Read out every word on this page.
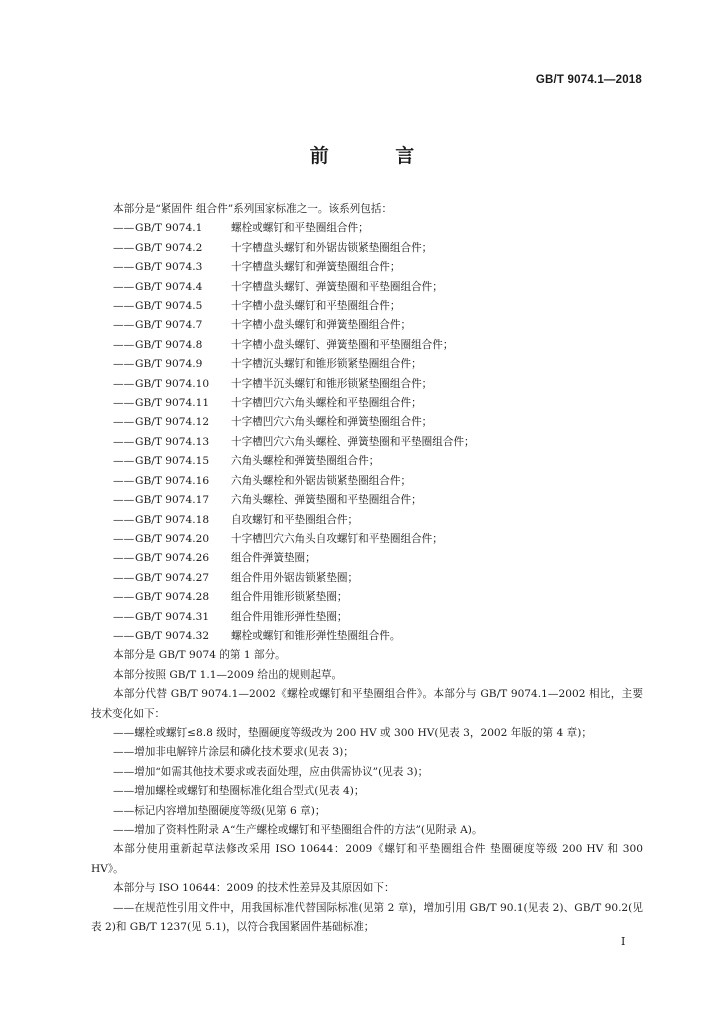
GB/T 9074.1—2018
前 言
本部分是“紧固件 组合件”系列国家标准之一。该系列包括：
——GB/T 9074.1	螺栓或螺钉和平垫圈组合件；
——GB/T 9074.2	十字槽盘头螺钉和外锯齿锁紧垫圈组合件；
——GB/T 9074.3	十字槽盘头螺钉和弹簧垫圈组合件；
——GB/T 9074.4	十字槽盘头螺钉、弹簧垫圈和平垫圈组合件；
——GB/T 9074.5	十字槽小盘头螺钉和平垫圈组合件；
——GB/T 9074.7	十字槽小盘头螺钉和弹簧垫圈组合件；
——GB/T 9074.8	十字槽小盘头螺钉、弹簧垫圈和平垫圈组合件；
——GB/T 9074.9	十字槽沉头螺钉和锥形锁紧垫圈组合件；
——GB/T 9074.10 十字槽半沉头螺钉和锥形锁紧垫圈组合件；
——GB/T 9074.11 十字槽凹穴六角头螺栓和平垫圈组合件；
——GB/T 9074.12 十字槽凹穴六角头螺栓和弹簧垫圈组合件；
——GB/T 9074.13 十字槽凹穴六角头螺栓、弹簧垫圈和平垫圈组合件；
——GB/T 9074.15 六角头螺栓和弹簧垫圈组合件；
——GB/T 9074.16 六角头螺栓和外锯齿锁紧垫圈组合件；
——GB/T 9074.17 六角头螺栓、弹簧垫圈和平垫圈组合件；
——GB/T 9074.18 自攻螺钉和平垫圈组合件；
——GB/T 9074.20 十字槽凹穴六角头自攻螺钉和平垫圈组合件；
——GB/T 9074.26 组合件弹簧垫圈；
——GB/T 9074.27 组合件用外锯齿锁紧垫圈；
——GB/T 9074.28 组合件用锥形锁紧垫圈；
——GB/T 9074.31 组合件用锥形弹性垫圈；
——GB/T 9074.32 螺栓或螺钉和锥形弹性垫圈组合件。
本部分是 GB/T 9074 的第 1 部分。
本部分按照 GB/T 1.1—2009 给出的规则起草。
本部分代替 GB/T 9074.1—2002《螺栓或螺钉和平垫圈组合件》。本部分与 GB/T 9074.1—2002 相比，主要技术变化如下：
——螺栓或螺钉≤8.8 级时，垫圈硬度等级改为 200 HV 或 300 HV(见表 3，2002 年版的第 4 章)；
——增加非电解锌片涂层和磷化技术要求(见表 3)；
——增加“如需其他技术要求或表面处理，应由供需协议”(见表 3)；
——增加螺栓或螺钉和垫圈标准化组合型式(见表 4)；
——标记内容增加垫圈硬度等级(见第 6 章)；
——增加了资料性附录 A“生产螺栓或螺钉和平垫圈组合件的方法”(见附录 A)。
本部分使用重新起草法修改采用 ISO 10644：2009《螺钉和平垫圈组合件 垫圈硬度等级 200 HV 和 300 HV》。
本部分与 ISO 10644：2009 的技术性差异及其原因如下：
——在规范性引用文件中，用我国标准代替国际标准(见第 2 章)，增加引用 GB/T 90.1(见表 2)、GB/T 90.2(见表 2)和 GB/T 1237(见 5.1)，以符合我国紧固件基础标准；
I
